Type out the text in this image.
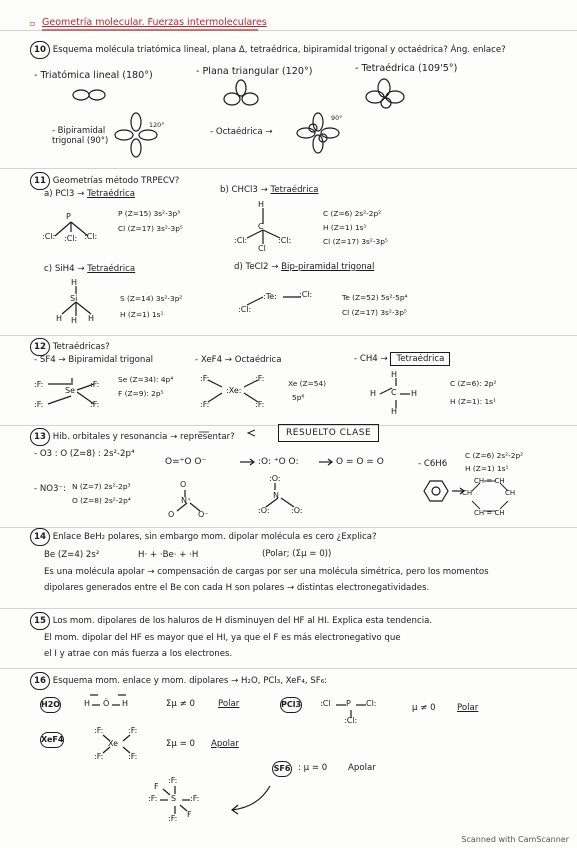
▫ Geometría molecular. Fuerzas intermoleculares
10 Esquema molécula triatómica lineal, plana Δ, tetraédrica, bipiramidal trigonal y octaédrica? Áng. enlace?
- Triatómica lineal (180°)	- Plana triangular (120°)	- Tetraédrica (109'5°)
- Bipiramidal trigonal (90°)
120°
- Octaédrica →
90°
11 Geometrías método TRPECV?
a) PCl3 → Tetraédrica
P (Z=15) 3s²-3p³
Cl (Z=17) 3s²-3p⁵
b) CHCl3 → Tetraédrica
C (Z=6) 2s²-2p²
H (Z=1) 1s¹
Cl (Z=17) 3s²-3p⁵
c) SiH4 → Tetraédrica
S (Z=14) 3s²-3p²
H (Z=1) 1s¹
d) TeCl2 → Bip-piramidal trigonal
Te (Z=52) 5s²-5p⁴
Cl (Z=17) 3s²-3p⁵
12 Tetraédricas?
- SF4 → Bipiramidal trigonal
Se (Z=34): 4p⁴
F (Z=9): 2p⁵
- XeF4 → Octaédrica
Xe (Z=54)
5p⁶
- CH4 → Tetraédrica
C (Z=6): 2p²
H (Z=1): 1s¹
13 Hib. orbitales y resonancia → representar?	RESUELTO CLASE
- O3 : O (Z=8) : 2s²-2p⁴
- NO3⁻: N (Z=7) 2s²-2p³
O (Z=8) 2s²-2p⁴
- C6H6
C (Z=6) 2s²-2p²
H (Z=1) 1s¹
14 Enlace BeH₂ polares, sin embargo mom. dipolar molécula es cero ¿Explica?
Be (Z=4) 2s²	H· + ·Be· + ·H	(Polar; (Σμ = 0))
Es una molécula apolar → compensación de cargas por ser una molécula simétrica, pero los momentos
dipolares generados entre el Be con cada H son polares → distintas electronegatividades.
15 Los mom. dipolares de los haluros de H disminuyen del HF al HI. Explica esta tendencia.
El mom. dipolar del HF es mayor que el HI, ya que el F es más electronegativo que
el I y atrae con más fuerza a los electrones.
16 Esquema mom. enlace y mom. dipolares → H₂O, PCl₃, XeF₄, SF₆:
H2O	Σμ ≠ 0	Polar	PCl3	μ ≠ 0 Polar
XeF4	Σμ = 0 Apolar
SF6 : μ = 0 Apolar
P
:Cl: :Cl: :Cl:
H
C
:Cl:
Cl
:Cl:
H
Si
H H H
:Te:	:Cl:
:Cl:
:F:
:F:
Se
:F:
:F:
:F:
:F:
:Xe:
:F:
:F:
H
H C H
H
O=⁺O O⁻	:O: ⁺O O:	O = O = O
O
N⁺
O	O⁻
:O:
N
:O:	:O:
CH = CH
CH	CH
CH = CH
H Ö H	:Cl P Cl:
:Cl:
:F:	:F:
Xe
:F:	:F:
:F:
:F: S :F:
F
F
:F:
Scanned with CamScanner
